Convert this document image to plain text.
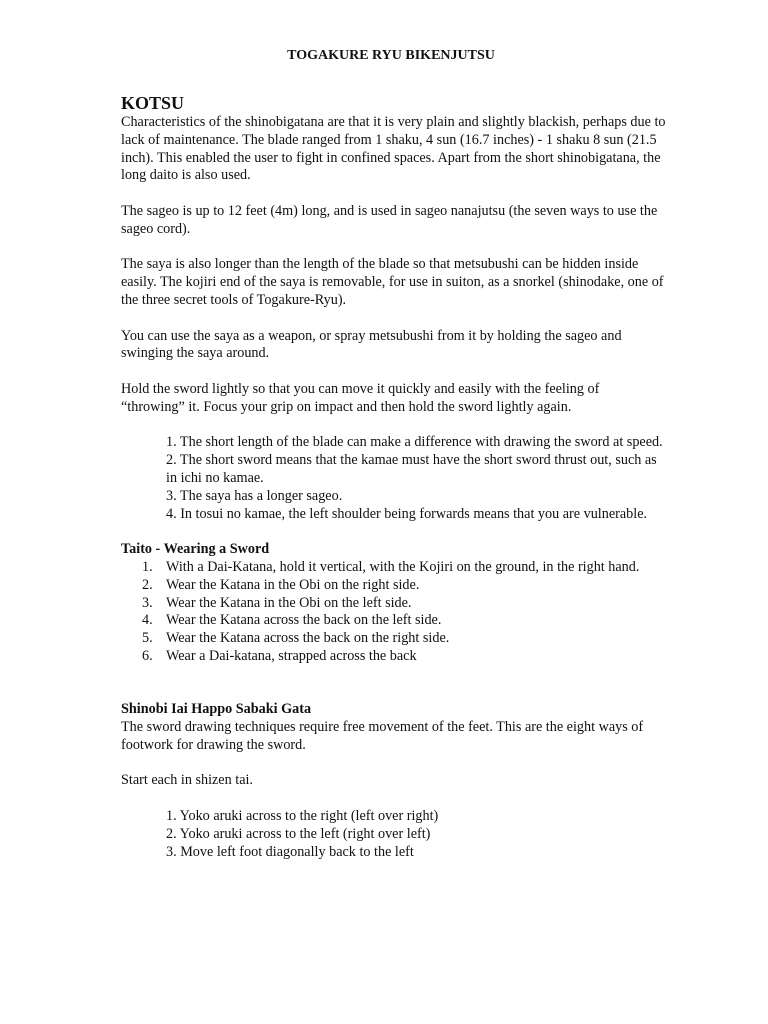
TOGAKURE RYU BIKENJUTSU
KOTSU

Characteristics of the shinobigatana are that it is very plain and slightly blackish, perhaps due to lack of maintenance. The blade ranged from 1 shaku, 4 sun (16.7 inches) - 1 shaku 8 sun (21.5 inch). This enabled the user to fight in confined spaces. Apart from the short shinobigatana, the long daito is also used.

The sageo is up to 12 feet (4m) long, and is used in sageo nanajutsu (the seven ways to use the sageo cord).

The saya is also longer than the length of the blade so that metsubushi can be hidden inside easily. The kojiri end of the saya is removable, for use in suiton, as a snorkel (shinodake, one of the three secret tools of Togakure-Ryu).

You can use the saya as a weapon, or spray metsubushi from it by holding the sageo and swinging the saya around.

Hold the sword lightly so that you can move it quickly and easily with the feeling of “throwing” it. Focus your grip on impact and then hold the sword lightly again.

1. The short length of the blade can make a difference with drawing the sword at speed.

2. The short sword means that the kamae must have the short sword thrust out, such as in ichi no kamae.

3. The saya has a longer sageo.

4. In tosui no kamae, the left shoulder being forwards means that you are vulnerable.

Taito - Wearing a Sword
1. With a Dai-Katana, hold it vertical, with the Kojiri on the ground, in the right hand.
2. Wear the Katana in the Obi on the right side.
3. Wear the Katana in the Obi on the left side.
4. Wear the Katana across the back on the left side.
5. Wear the Katana across the back on the right side.
6. Wear a Dai-katana, strapped across the back
Shinobi Iai Happo Sabaki Gata

The sword drawing techniques require free movement of the feet. This are the eight ways of footwork for drawing the sword.

Start each in shizen tai.

1. Yoko aruki across to the right (left over right)

2. Yoko aruki across to the left (right over left)

3. Move left foot diagonally back to the left
